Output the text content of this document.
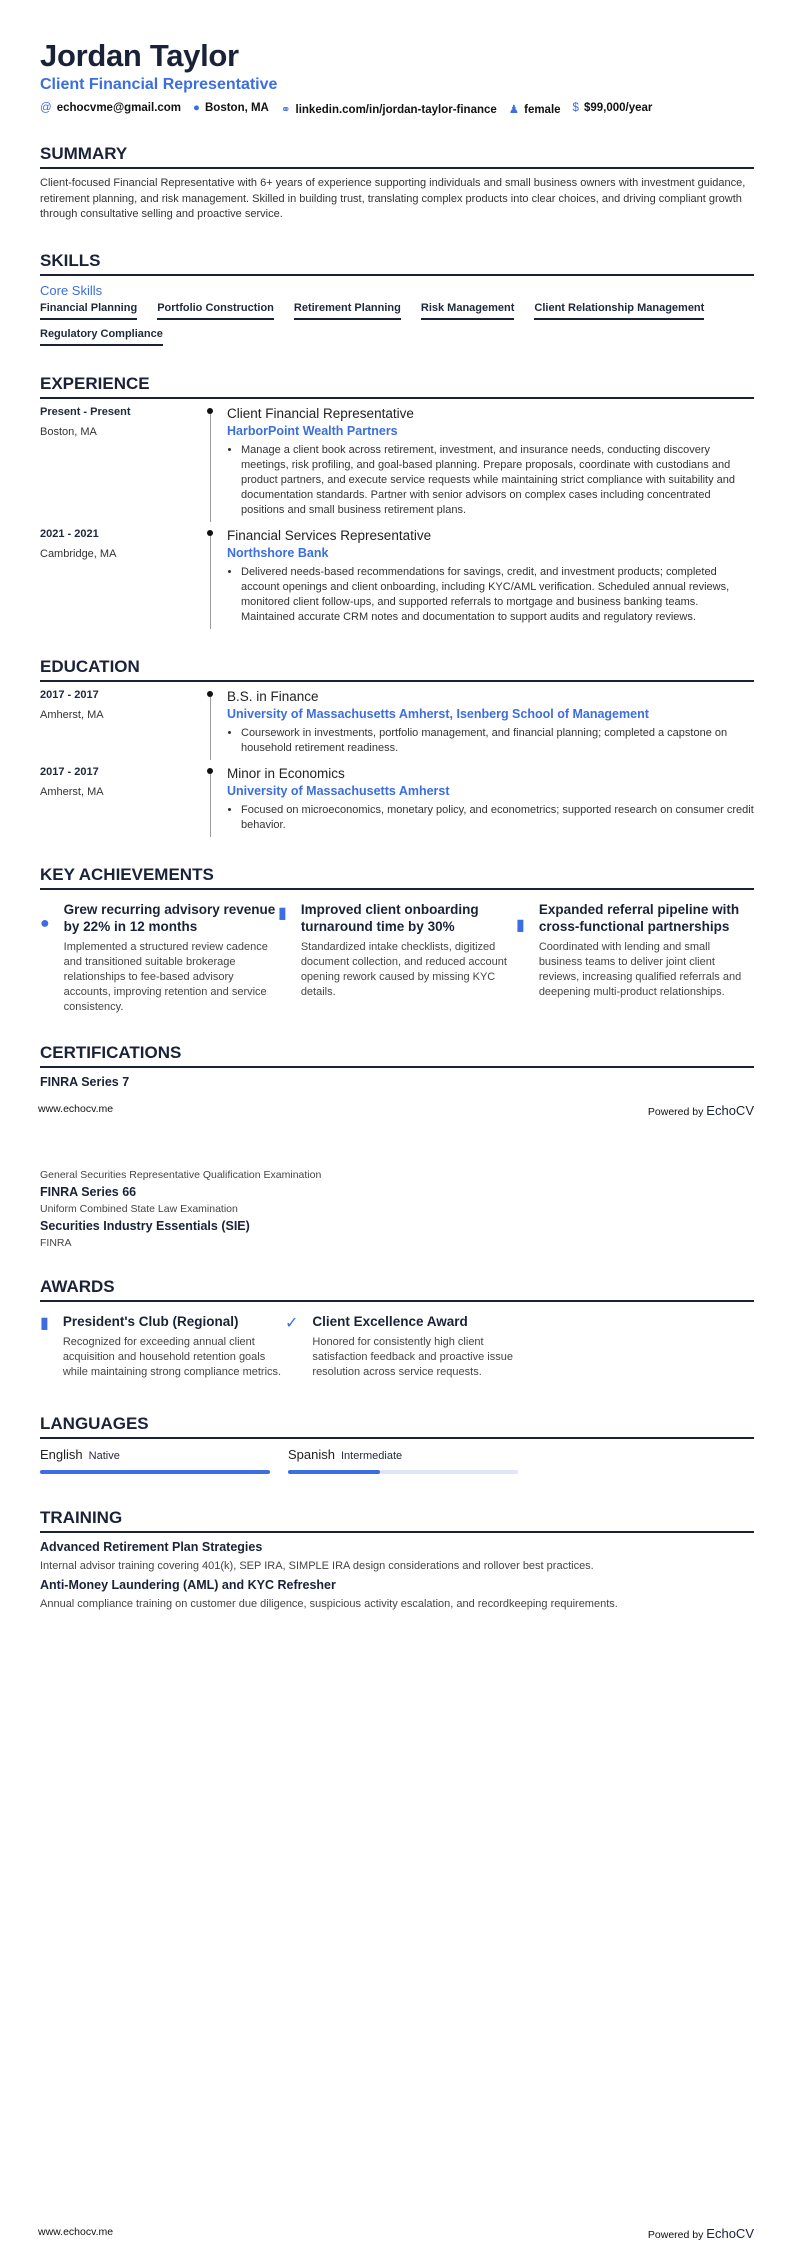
Jordan Taylor
Client Financial Representative
@ echocvme@gmail.com ● Boston, MA ⚭ linkedin.com/in/jordan-taylor-finance ♟ female $ $99,000/year
SUMMARY

Client-focused Financial Representative with 6+ years of experience supporting individuals and small business owners with investment guidance, retirement planning, and risk management. Skilled in building trust, translating complex products into clear choices, and driving compliant growth through consultative selling and proactive service.

SKILLS
Core Skills
Financial Planning Portfolio Construction Retirement Planning Risk Management Client Relationship Management
Regulatory Compliance
EXPERIENCE
Present - Present
Boston, MA
Client Financial Representative
HarborPoint Wealth Partners
• Manage a client book across retirement, investment, and insurance needs, conducting discovery meetings, risk profiling, and goal-based planning. Prepare proposals, coordinate with custodians and product partners, and execute service requests while maintaining strict compliance with suitability and documentation standards. Partner with senior advisors on complex cases including concentrated positions and small business retirement plans.
2021 - 2021
Cambridge, MA
Financial Services Representative
Northshore Bank
• Delivered needs-based recommendations for savings, credit, and investment products; completed account openings and client onboarding, including KYC/AML verification. Scheduled annual reviews, monitored client follow-ups, and supported referrals to mortgage and business banking teams. Maintained accurate CRM notes and documentation to support audits and regulatory reviews.
EDUCATION
2017 - 2017
Amherst, MA
B.S. in Finance
University of Massachusetts Amherst, Isenberg School of Management
• Coursework in investments, portfolio management, and financial planning; completed a capstone on household retirement readiness.
2017 - 2017
Amherst, MA
Minor in Economics
University of Massachusetts Amherst
• Focused on microeconomics, monetary policy, and econometrics; supported research on consumer credit behavior.
KEY ACHIEVEMENTS
●
Grew recurring advisory revenue by 22% in 12 months
Implemented a structured review cadence and transitioned suitable brokerage relationships to fee-based advisory accounts, improving retention and service consistency.
▮ Improved client onboarding turnaround time by 30%
Standardized intake checklists, digitized document collection, and reduced account opening rework caused by missing KYC details.
▮
Expanded referral pipeline with cross-functional partnerships
Coordinated with lending and small business teams to deliver joint client reviews, increasing qualified referrals and deepening multi-product relationships.
CERTIFICATIONS
FINRA Series 7
www.echocv.me	Powered by EchoCV
General Securities Representative Qualification Examination
FINRA Series 66
Uniform Combined State Law Examination
Securities Industry Essentials (SIE)
FINRA
AWARDS
▮ President's Club (Regional)
Recognized for exceeding annual client acquisition and household retention goals while maintaining strong compliance metrics.
✓ Client Excellence Award
Honored for consistently high client satisfaction feedback and proactive issue resolution across service requests.
LANGUAGES
English Native	Spanish Intermediate
TRAINING
Advanced Retirement Plan Strategies
Internal advisor training covering 401(k), SEP IRA, SIMPLE IRA design considerations and rollover best practices.
Anti-Money Laundering (AML) and KYC Refresher
Annual compliance training on customer due diligence, suspicious activity escalation, and recordkeeping requirements.
www.echocv.me	Powered by EchoCV
